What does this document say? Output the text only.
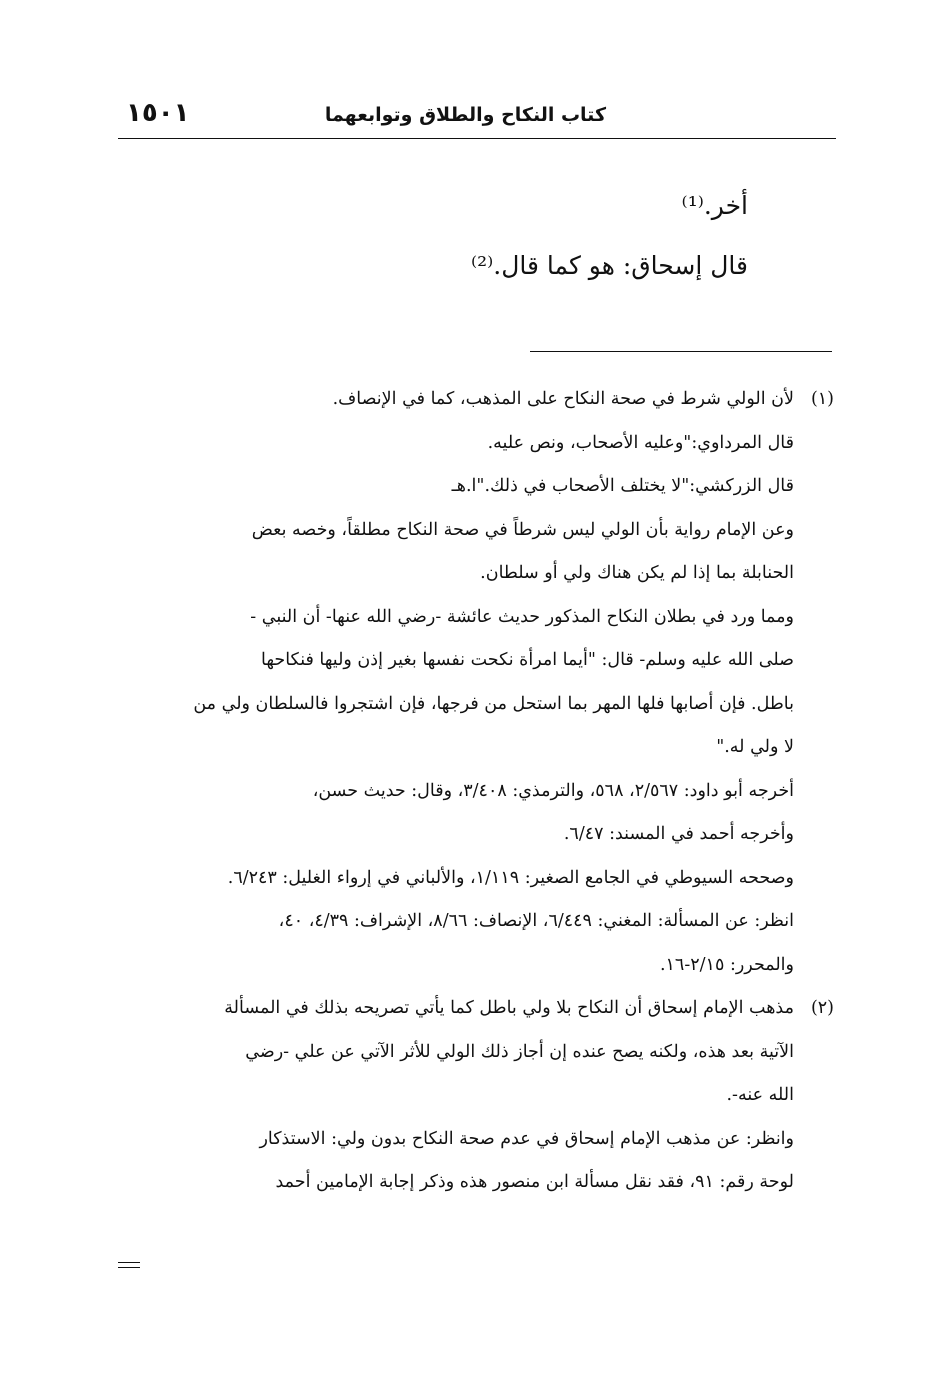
كتاب النكاح والطلاق وتوابعهما
١٥٠١
أخر.⁽¹⁾
قال إسحاق: هو كما قال.⁽²⁾
(١)
لأن الولي شرط في صحة النكاح على المذهب، كما في الإنصاف.
قال المرداوي:"وعليه الأصحاب، ونص عليه.
قال الزركشي:"لا يختلف الأصحاب في ذلك."ا.هـ
وعن الإمام رواية بأن الولي ليس شرطاً في صحة النكاح مطلقاً، وخصه بعض
الحنابلة بما إذا لم يكن هناك ولي أو سلطان.
ومما ورد في بطلان النكاح المذكور حديث عائشة -رضي الله عنها- أن النبي -
صلى الله عليه وسلم- قال: "أيما امرأة نكحت نفسها بغير إذن وليها فنكاحها
باطل. فإن أصابها فلها المهر بما استحل من فرجها، فإن اشتجروا فالسلطان ولي من
لا ولي له."
أخرجه أبو داود: ٢/٥٦٧، ٥٦٨، والترمذي: ٣/٤٠٨، وقال: حديث حسن،
وأخرجه أحمد في المسند: ٦/٤٧.
وصححه السيوطي في الجامع الصغير: ١/١١٩، والألباني في إرواء الغليل: ٦/٢٤٣.
انظر: عن المسألة: المغني: ٦/٤٤٩، الإنصاف: ٨/٦٦، الإشراف: ٤/٣٩، ٤٠،
والمحرر: ٢/١٥-١٦.
(٢)
مذهب الإمام إسحاق أن النكاح بلا ولي باطل كما يأتي تصريحه بذلك في المسألة
الآتية بعد هذه، ولكنه يصح عنده إن أجاز ذلك الولي للأثر الآتي عن علي -رضي
الله عنه-.
وانظر: عن مذهب الإمام إسحاق في عدم صحة النكاح بدون ولي: الاستذكار
لوحة رقم: ٩١، فقد نقل مسألة ابن منصور هذه وذكر إجابة الإمامين أحمد
